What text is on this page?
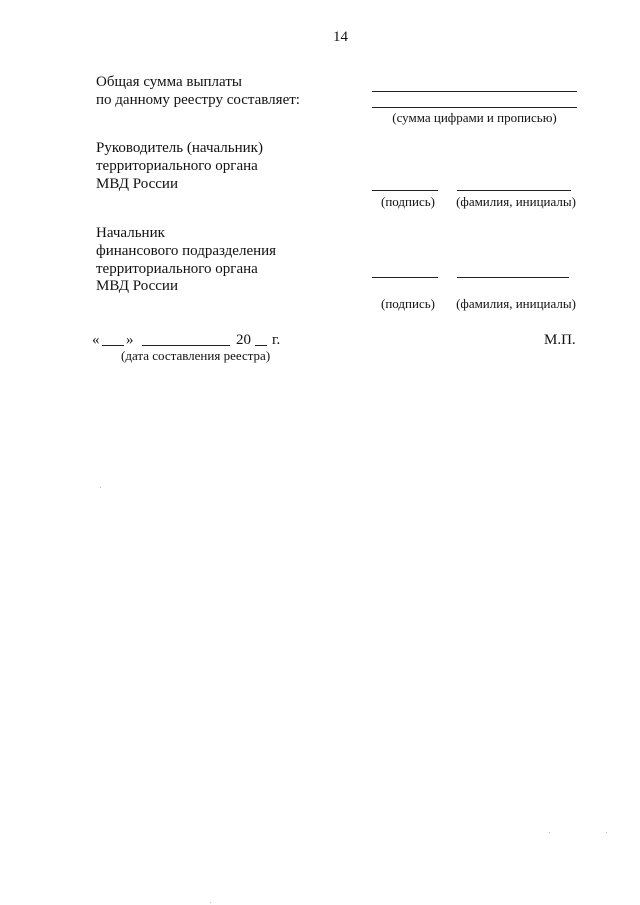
14
Общая сумма выплаты
по данному реестру составляет:
(сумма цифрами и прописью)
Руководитель (начальник)
территориального органа
МВД России
(подпись)	(фамилия, инициалы)
Начальник
финансового подразделения
территориального органа
МВД России
(подпись)	(фамилия, инициалы)
« »	20 г.
(дата составления реестра)
М.П.
